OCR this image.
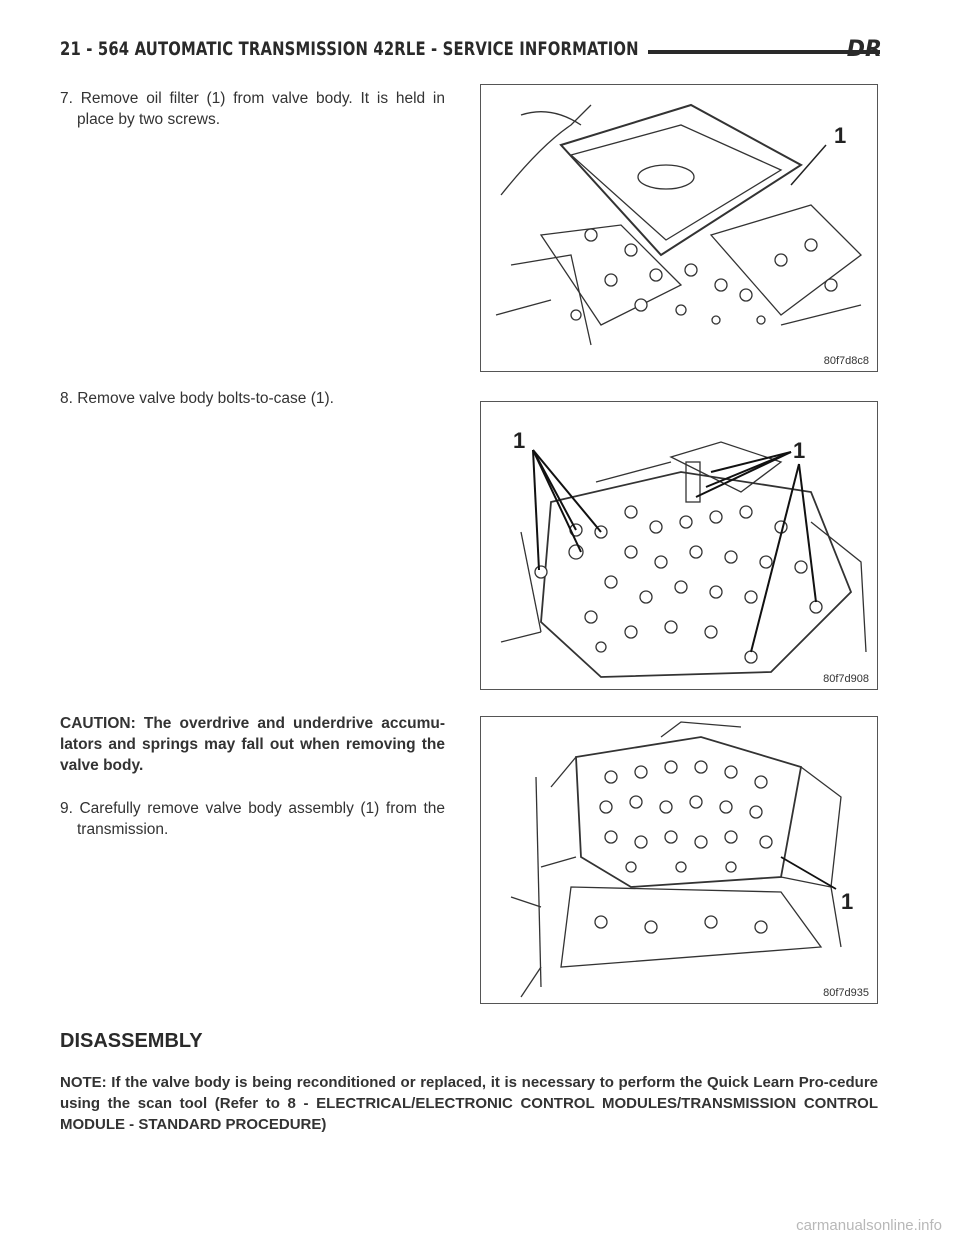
21 - 564 AUTOMATIC TRANSMISSION 42RLE - SERVICE INFORMATION	DR
7. Remove oil filter (1) from valve body. It is held in place by two screws.
1
80f7d8c8
8. Remove valve body bolts-to-case (1).
1	1
80f7d908
CAUTION: The overdrive and underdrive accumu-lators and springs may fall out when removing the valve body.
9. Carefully remove valve body assembly (1) from the transmission.
1
80f7d935
DISASSEMBLY
NOTE: If the valve body is being reconditioned or replaced, it is necessary to perform the Quick Learn Pro-cedure using the scan tool (Refer to 8 - ELECTRICAL/ELECTRONIC CONTROL MODULES/TRANSMISSION CONTROL MODULE - STANDARD PROCEDURE)
carmanualsonline.info
